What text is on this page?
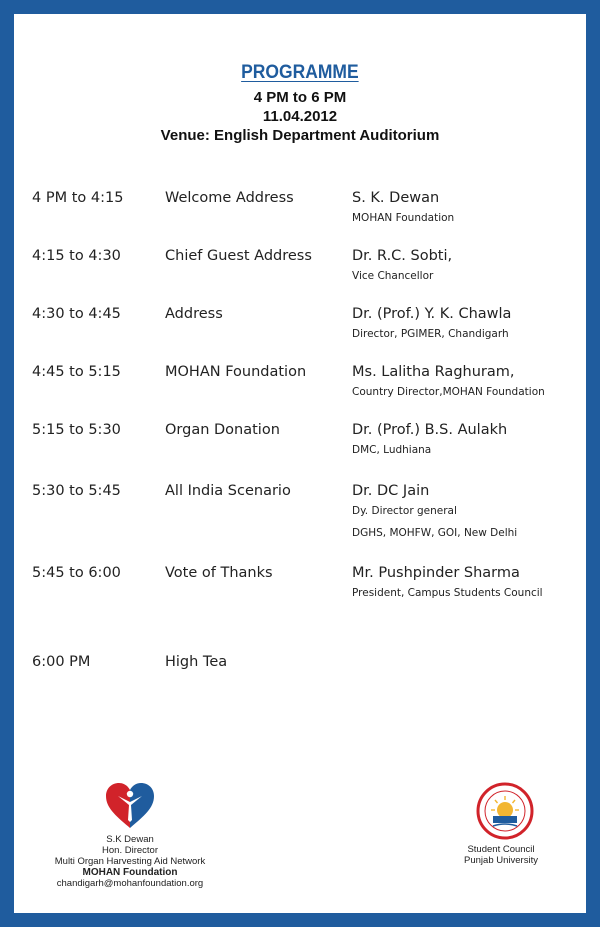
PROGRAMME
4 PM to 6 PM
11.04.2012
Venue: English Department Auditorium
4 PM to 4:15	Welcome Address	S. K. Dewan
MOHAN Foundation
4:15 to 4:30	Chief Guest Address	Dr. R.C. Sobti,
Vice Chancellor
4:30 to 4:45	Address	Dr. (Prof.) Y. K. Chawla
Director, PGIMER, Chandigarh
4:45 to 5:15	MOHAN Foundation	Ms. Lalitha Raghuram,
Country Director,MOHAN Foundation
5:15 to 5:30	Organ Donation	Dr. (Prof.) B.S. Aulakh
DMC, Ludhiana
5:30 to 5:45	All India Scenario	Dr. DC Jain
Dy. Director general
DGHS, MOHFW, GOI, New Delhi
5:45 to 6:00	Vote of Thanks	Mr. Pushpinder Sharma
President, Campus Students Council
6:00 PM	High Tea
S.K Dewan
Hon. Director
Multi Organ Harvesting Aid Network
MOHAN Foundation
chandigarh@mohanfoundation.org
Student Council
Punjab University
